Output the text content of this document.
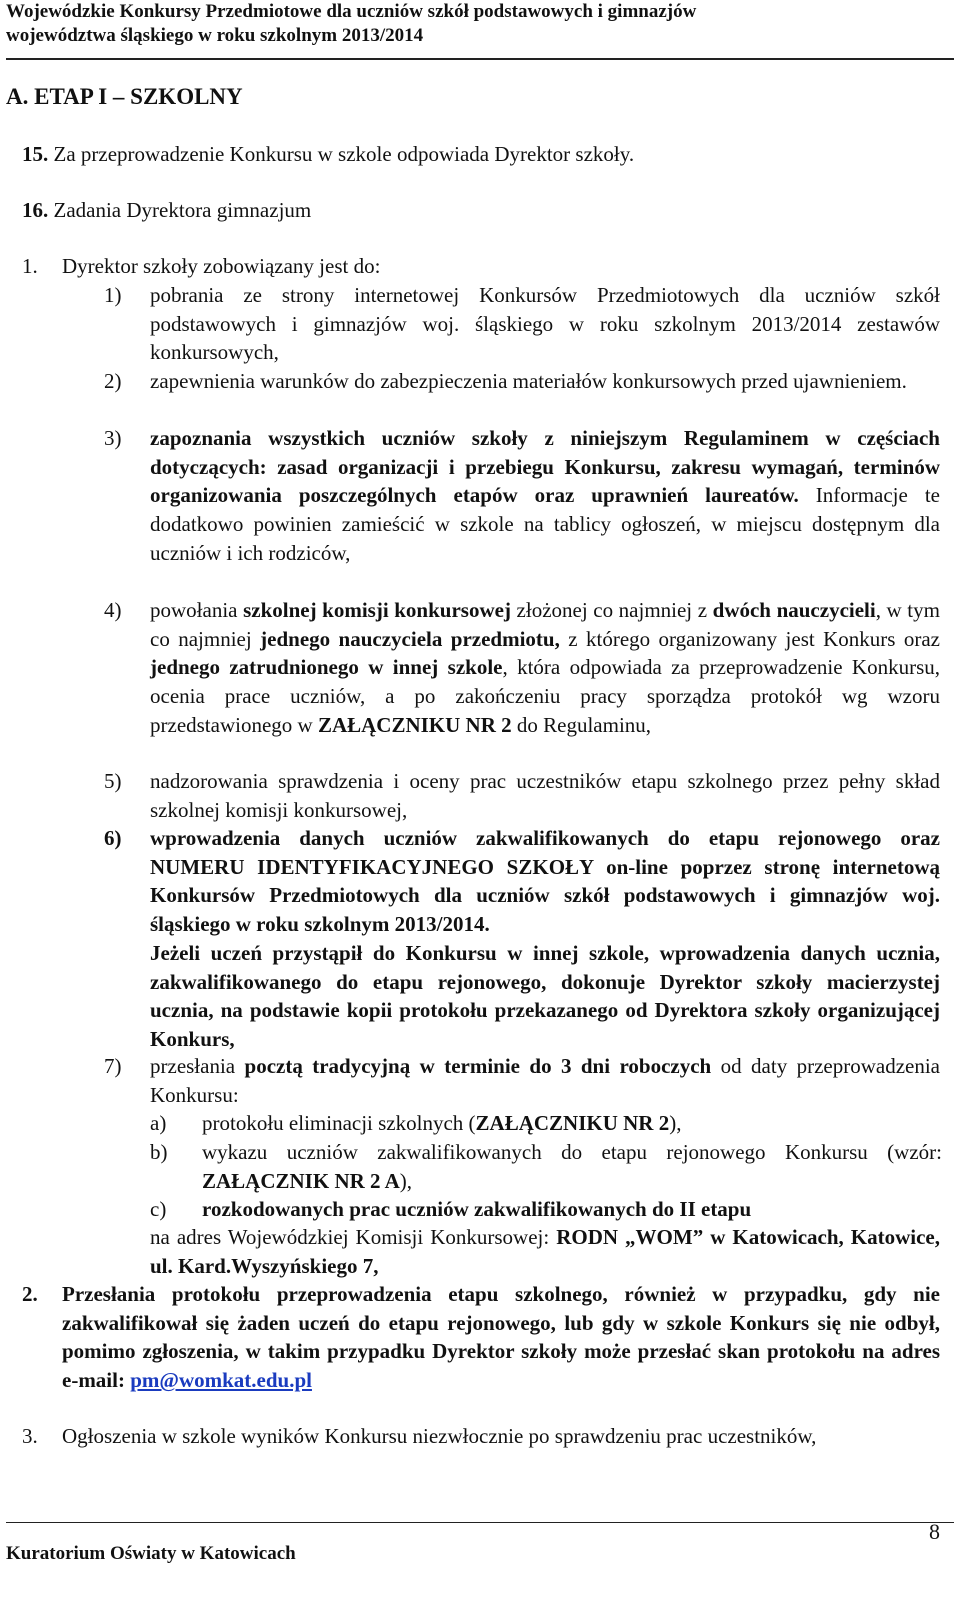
Wojewódzkie Konkursy Przedmiotowe dla uczniów szkół podstawowych i gimnazjów
województwa śląskiego w roku szkolnym 2013/2014
A. ETAP I – SZKOLNY
15. Za przeprowadzenie Konkursu w szkole odpowiada Dyrektor szkoły.
16. Zadania Dyrektora gimnazjum
1. Dyrektor szkoły zobowiązany jest do:
1) pobrania ze strony internetowej Konkursów Przedmiotowych dla uczniów szkół podstawowych i gimnazjów woj. śląskiego w roku szkolnym 2013/2014 zestawów konkursowych,
2) zapewnienia warunków do zabezpieczenia materiałów konkursowych przed ujawnieniem.
3) zapoznania wszystkich uczniów szkoły z niniejszym Regulaminem w częściach dotyczących: zasad organizacji i przebiegu Konkursu, zakresu wymagań, terminów organizowania poszczególnych etapów oraz uprawnień laureatów. Informacje te dodatkowo powinien zamieścić w szkole na tablicy ogłoszeń, w miejscu dostępnym dla uczniów i ich rodziców,
4) powołania szkolnej komisji konkursowej złożonej co najmniej z dwóch nauczycieli, w tym co najmniej jednego nauczyciela przedmiotu, z którego organizowany jest Konkurs oraz jednego zatrudnionego w innej szkole, która odpowiada za przeprowadzenie Konkursu, ocenia prace uczniów, a po zakończeniu pracy sporządza protokół wg wzoru przedstawionego w ZAŁĄCZNIKU NR 2 do Regulaminu,
5) nadzorowania sprawdzenia i oceny prac uczestników etapu szkolnego przez pełny skład szkolnej komisji konkursowej,
6) wprowadzenia danych uczniów zakwalifikowanych do etapu rejonowego oraz NUMERU IDENTYFIKACYJNEGO SZKOŁY on-line poprzez stronę internetową Konkursów Przedmiotowych dla uczniów szkół podstawowych i gimnazjów woj. śląskiego w roku szkolnym 2013/2014.
Jeżeli uczeń przystąpił do Konkursu w innej szkole, wprowadzenia danych ucznia, zakwalifikowanego do etapu rejonowego, dokonuje Dyrektor szkoły macierzystej ucznia, na podstawie kopii protokołu przekazanego od Dyrektora szkoły organizującej Konkurs,
7) przesłania pocztą tradycyjną w terminie do 3 dni roboczych od daty przeprowadzenia Konkursu:
a) protokołu eliminacji szkolnych (ZAŁĄCZNIKU NR 2),
b) wykazu uczniów zakwalifikowanych do etapu rejonowego Konkursu (wzór: ZAŁĄCZNIK NR 2 A),
c) rozkodowanych prac uczniów zakwalifikowanych do II etapu
na adres Wojewódzkiej Komisji Konkursowej: RODN „WOM” w Katowicach, Katowice, ul. Kard.Wyszyńskiego 7,
2. Przesłania protokołu przeprowadzenia etapu szkolnego, również w przypadku, gdy nie zakwalifikował się żaden uczeń do etapu rejonowego, lub gdy w szkole Konkurs się nie odbył, pomimo zgłoszenia, w takim przypadku Dyrektor szkoły może przesłać skan protokołu na adres e-mail: pm@womkat.edu.pl
3. Ogłoszenia w szkole wyników Konkursu niezwłocznie po sprawdzeniu prac uczestników,
Kuratorium Oświaty w Katowicach
8
